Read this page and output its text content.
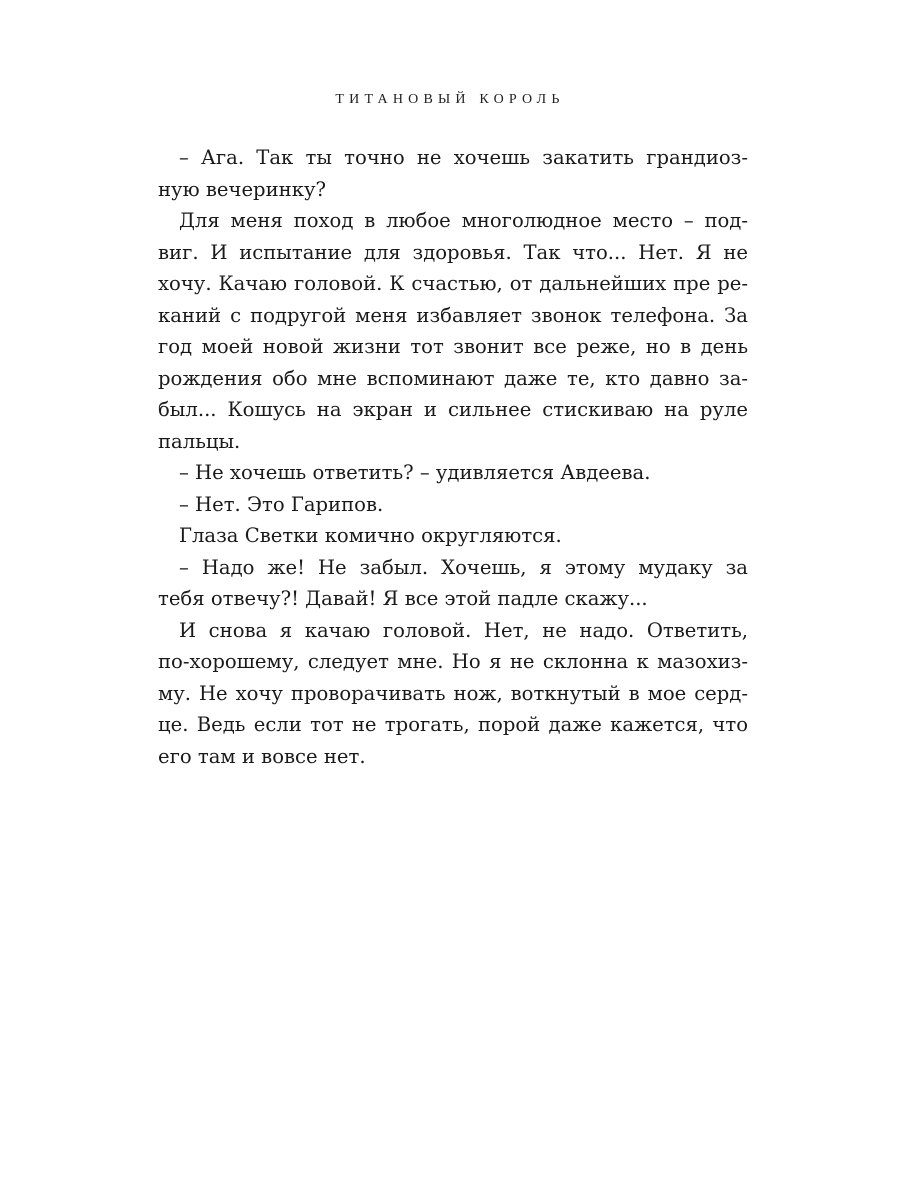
ТИТАНОВЫЙ КОРОЛЬ
– Ага. Так ты точно не хочешь закатить грандиоз-
ную вечеринку?
Для меня поход в любое многолюдное место – под-
виг. И испытание для здоровья. Так что... Нет. Я не
хочу. Качаю головой. К счастью, от дальнейших пре ре-
каний с подругой меня избавляет звонок телефона. За
год моей новой жизни тот звонит все реже, но в день
рождения обо мне вспоминают даже те, кто давно за-
был... Кошусь на экран и сильнее стискиваю на руле
пальцы.
– Не хочешь ответить? – удивляется Авдеева.
– Нет. Это Гарипов.
Глаза Светки комично округляются.
– Надо же! Не забыл. Хочешь, я этому мудаку за
тебя отвечу?! Давай! Я все этой падле скажу...
И снова я качаю головой. Нет, не надо. Ответить,
по-хорошему, следует мне. Но я не склонна к мазохиз-
му. Не хочу проворачивать нож, воткнутый в мое серд-
це. Ведь если тот не трогать, порой даже кажется, что
его там и вовсе нет.
